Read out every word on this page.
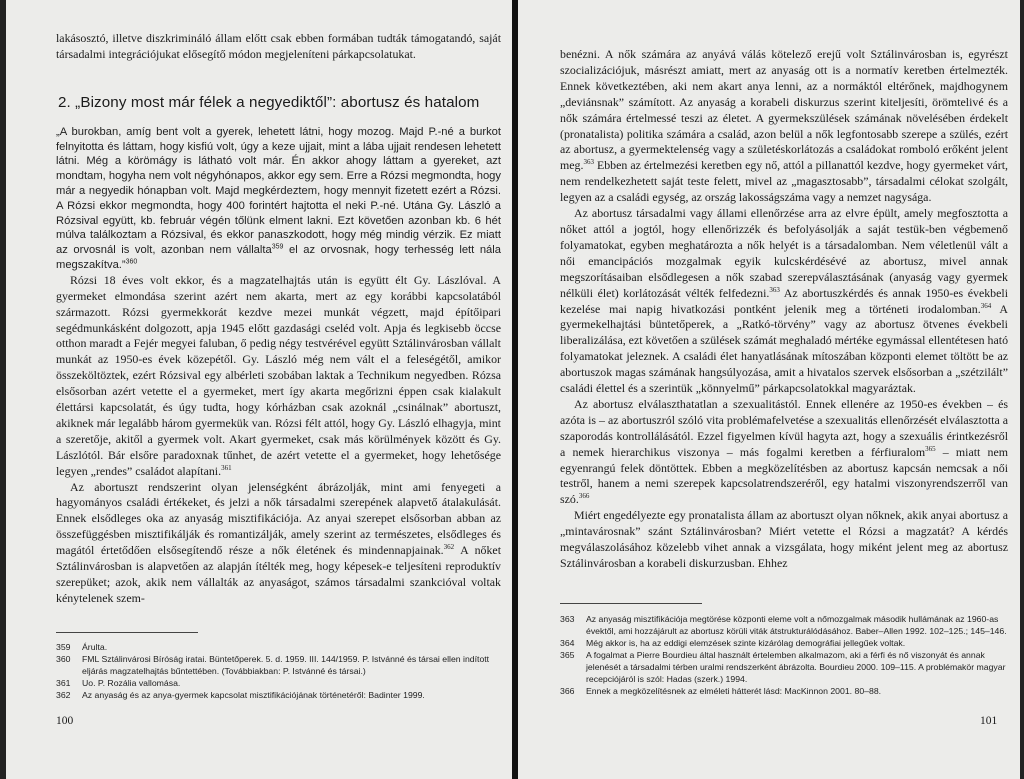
lakásosztó, illetve diszkrimináló állam előtt csak ebben formában tudták támogatandó, saját társadalmi integrációjukat elősegítő módon megjeleníteni párkapcsolatukat.

2. „Bizony most már félek a negyediktől”: abortusz és hatalom

„A burokban, amíg bent volt a gyerek, lehetett látni, hogy mozog. Majd P.-né a burkot felnyitotta és láttam, hogy kisfiú volt, úgy a keze ujjait, mint a lába ujjait rendesen lehetett látni. Még a körömágy is látható volt már. Én akkor ahogy láttam a gyereket, azt mondtam, hogyha nem volt négyhónapos, akkor egy sem. Erre a Rózsi megmondta, hogy már a negyedik hónapban volt. Majd megkérdeztem, hogy mennyit fizetett ezért a Rózsi. A Rózsi ekkor megmondta, hogy 400 forintért hajtotta el neki P.-né. Utána Gy. László a Rózsival együtt, kb. február végén tőlünk elment lakni. Ezt követően azonban kb. 6 hét múlva találkoztam a Rózsival, és ekkor panaszkodott, hogy még mindig vérzik. Ez miatt az orvosnál is volt, azonban nem vállalta$^{359}$ el az orvosnak, hogy terhesség lett nála megszakítva.”$^{360}$

Rózsi 18 éves volt ekkor, és a magzatelhajtás után is együtt élt Gy. Lászlóval. A gyermeket elmondása szerint azért nem akarta, mert az egy korábbi kapcsolatából származott. Rózsi gyermekkorát kezdve mezei munkát végzett, majd építőipari segédmunkásként dolgozott, apja 1945 előtt gazdasági cseléd volt. Apja és legkisebb öccse otthon maradt a Fejér megyei faluban, ő pedig négy testvérével együtt Sztálinvárosban vállalt munkát az 1950-es évek közepétől. Gy. László még nem vált el a feleségétől, amikor összeköltöztek, ezért Rózsival egy albérleti szobában laktak a Technikum negyedben. Rózsa elsősorban azért vetette el a gyermeket, mert így akarta megőrizni éppen csak kialakult élettársi kapcsolatát, és úgy tudta, hogy kórházban csak azoknál „csinálnak” abortuszt, akiknek már legalább három gyermekük van. Rózsi félt attól, hogy Gy. László elhagyja, mint a szeretője, akitől a gyermek volt. Akart gyermeket, csak más körülmények között és Gy. Lászlótól. Bár elsőre paradoxnak tűnhet, de azért vetette el a gyermeket, hogy lehetősége legyen „rendes” családot alapítani.$^{361}$

Az abortuszt rendszerint olyan jelenségként ábrázolják, mint ami fenyegeti a hagyományos családi értékeket, és jelzi a nők társadalmi szerepének alapvető átalakulását. Ennek elsődleges oka az anyaság misztifikációja. Az anyai szerepet elsősorban abban az összefüggésben misztifikálják és romantizálják, amely szerint az természetes, elsődleges és magától értetődően elsősegítendő része a nők életének és mindennapjainak.$^{362}$ A nőket Sztálinvárosban is alapvetően az alapján ítélték meg, hogy képesek-e teljesíteni reproduktív szerepüket; azok, akik nem vállalták az anyaságot, számos társadalmi szankcióval voltak kénytelenek szem-

359	Árulta.
360	FML Sztálinvárosi Bíróság iratai. Büntetőperek. 5. d. 1959. III. 144/1959. P. Istvánné és társai ellen indított eljárás magzatelhajtás bűntettében. (Továbbiakban: P. Istvánné és társai.)
361	Uo. P. Rozália vallomása.
362	Az anyaság és az anya-gyermek kapcsolat misztifikációjának történetéről: Badinter 1999.
100

benézni. A nők számára az anyává válás kötelező erejű volt Sztálinvárosban is, egyrészt szocializációjuk, másrészt amiatt, mert az anyaság ott is a normatív keretben értelmezték. Ennek következtében, aki nem akart anya lenni, az a normáktól eltérőnek, majdhogynem „deviánsnak” számított. Az anyaság a korabeli diskurzus szerint kiteljesíti, örömtelivé és a nők számára értelmessé teszi az életet. A gyermekszülések számának növelésében érdekelt (pronatalista) politika számára a család, azon belül a nők legfontosabb szerepe a szülés, ezért az abortusz, a gyermektelenség vagy a születéskorlátozás a családokat romboló erőként jelent meg.$^{363}$ Ebben az értelmezési keretben egy nő, attól a pillanattól kezdve, hogy gyermeket várt, nem rendelkezhetett saját teste felett, mivel az „magasztosabb”, társadalmi célokat szolgált, legyen az a családi egység, az ország lakosságszáma vagy a nemzet nagysága.

Az abortusz társadalmi vagy állami ellenőrzése arra az elvre épült, amely megfosztotta a nőket attól a jogtól, hogy ellenőrizzék és befolyásolják a saját testük-ben végbemenő folyamatokat, egyben meghatározta a nők helyét is a társadalomban. Nem véletlenül vált a női emancipációs mozgalmak egyik kulcskérdésévé az abortusz, mivel annak megszorításaiban elsődlegesen a nők szabad szerepválasztásának (anyaság vagy gyermek nélküli élet) korlátozását vélték felfedezni.$^{363}$ Az abortuszkérdés és annak 1950-es évekbeli kezelése mai napig hivatkozási pontként jelenik meg a történeti irodalomban.$^{364}$ A gyermekelhajtási büntetőperek, a „Ratkó-törvény” vagy az abortusz ötvenes évekbeli liberalizálása, ezt követően a szülések számát meghaladó mértéke egymással ellentétesen ható folyamatokat jeleznek. A családi élet hanyatlásának mítoszában központi elemet töltött be az abortuszok magas számának hangsúlyozása, amit a hivatalos szervek elsősorban a „szétzilált” családi élettel és a szerintük „könnyelmű” párkapcsolatokkal magyaráztak.

Az abortusz elválaszthatatlan a szexualitástól. Ennek ellenére az 1950-es években – és azóta is – az abortuszról szóló vita problémafelvetése a szexualitás ellenőrzését elválasztotta a szaporodás kontrollálásától. Ezzel figyelmen kívül hagyta azt, hogy a szexuális érintkezésről a nemek hierarchikus viszonya – más fogalmi keretben a férfiuralom$^{365}$ – miatt nem egyenrangú felek döntöttek. Ebben a megközelítésben az abortusz kapcsán nemcsak a női testről, hanem a nemi szerepek kapcsolatrendszeréről, egy hatalmi viszonyrendszerről van szó.$^{366}$

Miért engedélyezte egy pronatalista állam az abortuszt olyan nőknek, akik anyai abortusz a „mintavárosnak” szánt Sztálinvárosban? Miért vetette el Rózsi a magzatát? A kérdés megválaszolásához közelebb vihet annak a vizsgálata, hogy miként jelent meg az abortusz Sztálinvárosban a korabeli diskurzusban. Ehhez

363	Az anyaság misztifikációja megtörése központi eleme volt a nőmozgalmak második hullámának az 1960-as évektől, ami hozzájárult az abortusz körüli viták átstrukturálódásához. Baber–Allen 1992. 102–125.; 145–146.
364	Még akkor is, ha az eddigi elemzések szinte kizárólag demográfiai jellegűek voltak.
365	A fogalmat a Pierre Bourdieu által használt értelemben alkalmazom, aki a férfi és nő viszonyát és annak jelenését a társadalmi térben uralmi rendszerként ábrázolta. Bourdieu 2000. 109–115. A problémakör magyar recepciójáról is szól: Hadas (szerk.) 1994.
366	Ennek a megközelítésnek az elméleti hátterét lásd: MacKinnon 2001. 80–88.
101
